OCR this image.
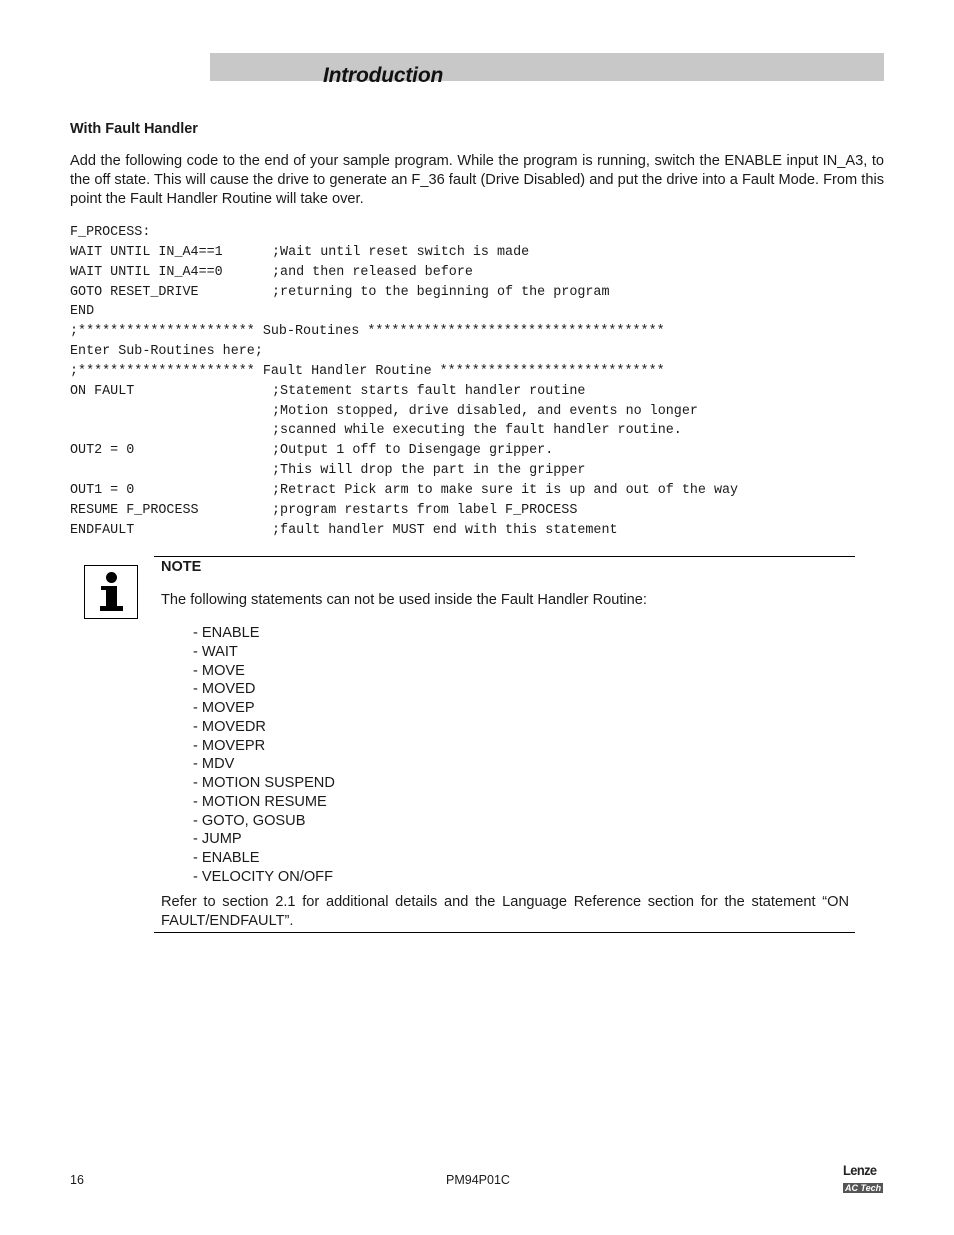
Introduction
With Fault Handler
Add the following code to the end of your sample program. While the program is running, switch the ENABLE input IN_A3, to the off state. This will cause the drive to generate an F_36 fault (Drive Disabled) and put the drive into a Fault Mode. From this point the Fault Handler Routine will take over.
F_PROCESS:
WAIT UNTIL IN_A4==1	;Wait until reset switch is made
WAIT UNTIL IN_A4==0	;and then released before
GOTO RESET_DRIVE	;returning to the beginning of the program
END
;********************** Sub-Routines *************************************
Enter Sub-Routines here;
;********************** Fault Handler Routine ****************************
ON FAULT	;Statement starts fault handler routine
;Motion stopped, drive disabled, and events no longer
;scanned while executing the fault handler routine.
OUT2 = 0	;Output 1 off to Disengage gripper.
;This will drop the part in the gripper
OUT1 = 0	;Retract Pick arm to make sure it is up and out of the way
RESUME F_PROCESS	;program restarts from label F_PROCESS
ENDFAULT	;fault handler MUST end with this statement
NOTE
The following statements can not be used inside the Fault Handler Routine:
- ENABLE
- WAIT
- MOVE
- MOVED
- MOVEP
- MOVEDR
- MOVEPR
- MDV
- MOTION SUSPEND
- MOTION RESUME
- GOTO, GOSUB
- JUMP
- ENABLE
- VELOCITY ON/OFF
Refer to section 2.1 for additional details and the Language Reference section for the statement “ON FAULT/ENDFAULT”.
16	PM94P01C
Lenze
AC Tech
